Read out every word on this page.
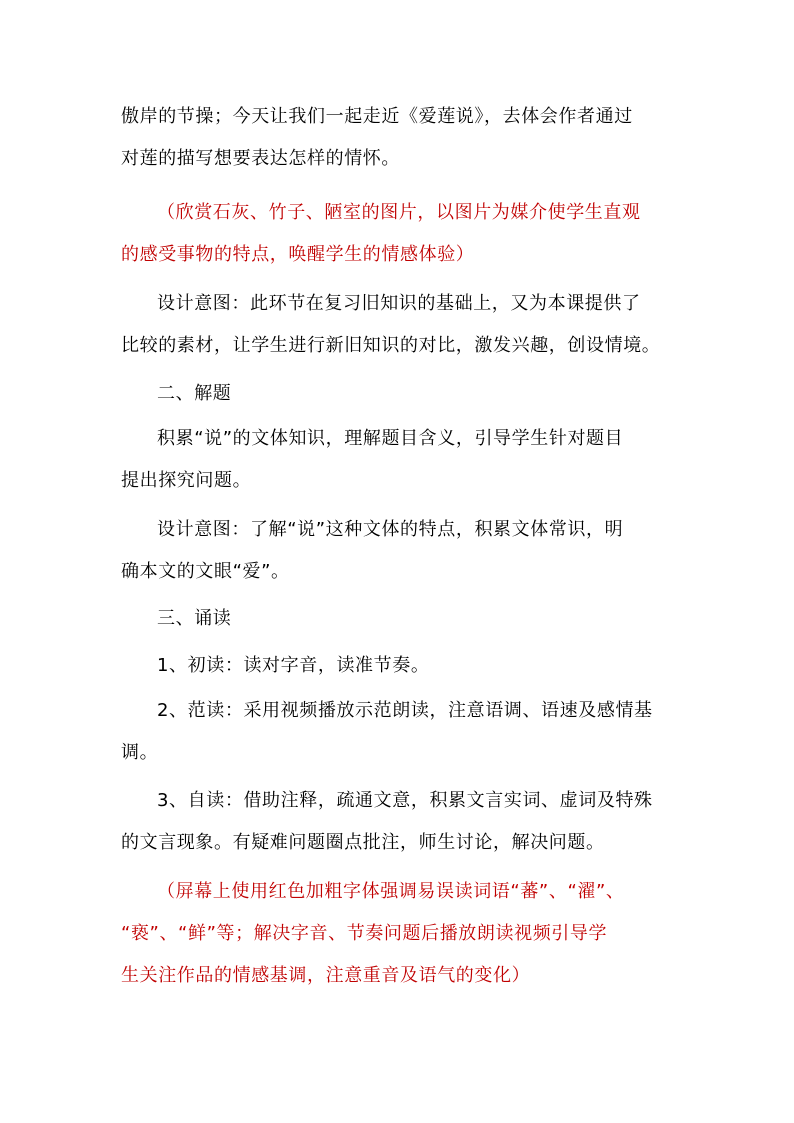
傲岸的节操；今天让我们一起走近《爱莲说》，去体会作者通过
对莲的描写想要表达怎样的情怀。
（欣赏石灰、竹子、陋室的图片，以图片为媒介使学生直观
的感受事物的特点，唤醒学生的情感体验）
设计意图：此环节在复习旧知识的基础上，又为本课提供了
比较的素材，让学生进行新旧知识的对比，激发兴趣，创设情境。
二、解题
积累“说”的文体知识，理解题目含义，引导学生针对题目
提出探究问题。
设计意图：了解“说”这种文体的特点，积累文体常识，明
确本文的文眼“爱”。
三、诵读
1、初读：读对字音，读准节奏。
2、范读：采用视频播放示范朗读，注意语调、语速及感情基
调。
3、自读：借助注释，疏通文意，积累文言实词、虚词及特殊
的文言现象。有疑难问题圈点批注，师生讨论，解决问题。
（屏幕上使用红色加粗字体强调易误读词语“蕃”、“濯”、
“亵”、“鲜”等；解决字音、节奏问题后播放朗读视频引导学
生关注作品的情感基调，注意重音及语气的变化）
